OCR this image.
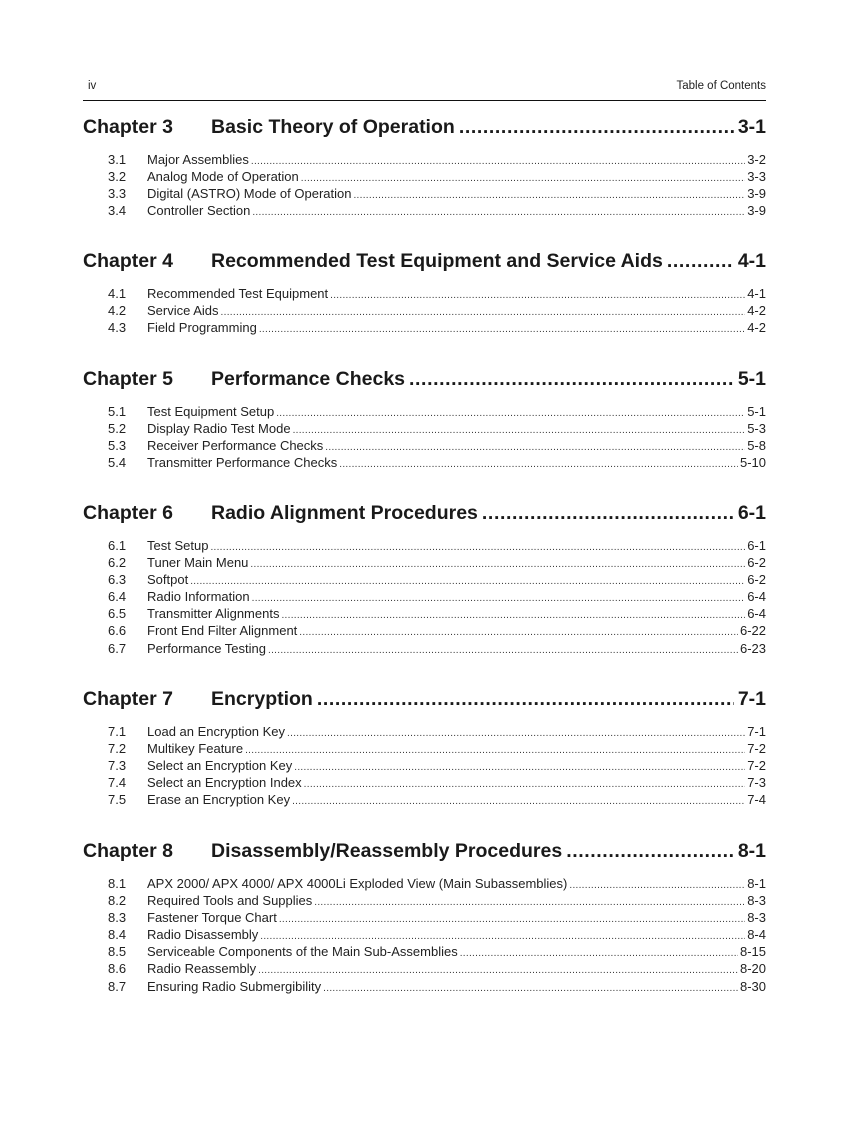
iv	Table of Contents
Chapter 3	Basic Theory of Operation .....	3-1
3.1	Major Assemblies .....	3-2
3.2	Analog Mode of Operation .....	3-3
3.3	Digital (ASTRO) Mode of Operation .....	3-9
3.4	Controller Section .....	3-9
Chapter 4	Recommended Test Equipment and Service Aids .....	4-1
4.1	Recommended Test Equipment .....	4-1
4.2	Service Aids .....	4-2
4.3	Field Programming .....	4-2
Chapter 5	Performance Checks .....	5-1
5.1	Test Equipment Setup .....	5-1
5.2	Display Radio Test Mode .....	5-3
5.3	Receiver Performance Checks .....	5-8
5.4	Transmitter Performance Checks .....	5-10
Chapter 6	Radio Alignment Procedures .....	6-1
6.1	Test Setup .....	6-1
6.2	Tuner Main Menu .....	6-2
6.3	Softpot .....	6-2
6.4	Radio Information .....	6-4
6.5	Transmitter Alignments .....	6-4
6.6	Front End Filter Alignment .....	6-22
6.7	Performance Testing .....	6-23
Chapter 7	Encryption .....	7-1
7.1	Load an Encryption Key .....	7-1
7.2	Multikey Feature .....	7-2
7.3	Select an Encryption Key .....	7-2
7.4	Select an Encryption Index .....	7-3
7.5	Erase an Encryption Key .....	7-4
Chapter 8	Disassembly/Reassembly Procedures .....	8-1
8.1	APX 2000/ APX 4000/ APX 4000Li Exploded View (Main Subassemblies) .....	8-1
8.2	Required Tools and Supplies .....	8-3
8.3	Fastener Torque Chart .....	8-3
8.4	Radio Disassembly .....	8-4
8.5	Serviceable Components of the Main Sub-Assemblies .....	8-15
8.6	Radio Reassembly .....	8-20
8.7	Ensuring Radio Submergibility .....	8-30
